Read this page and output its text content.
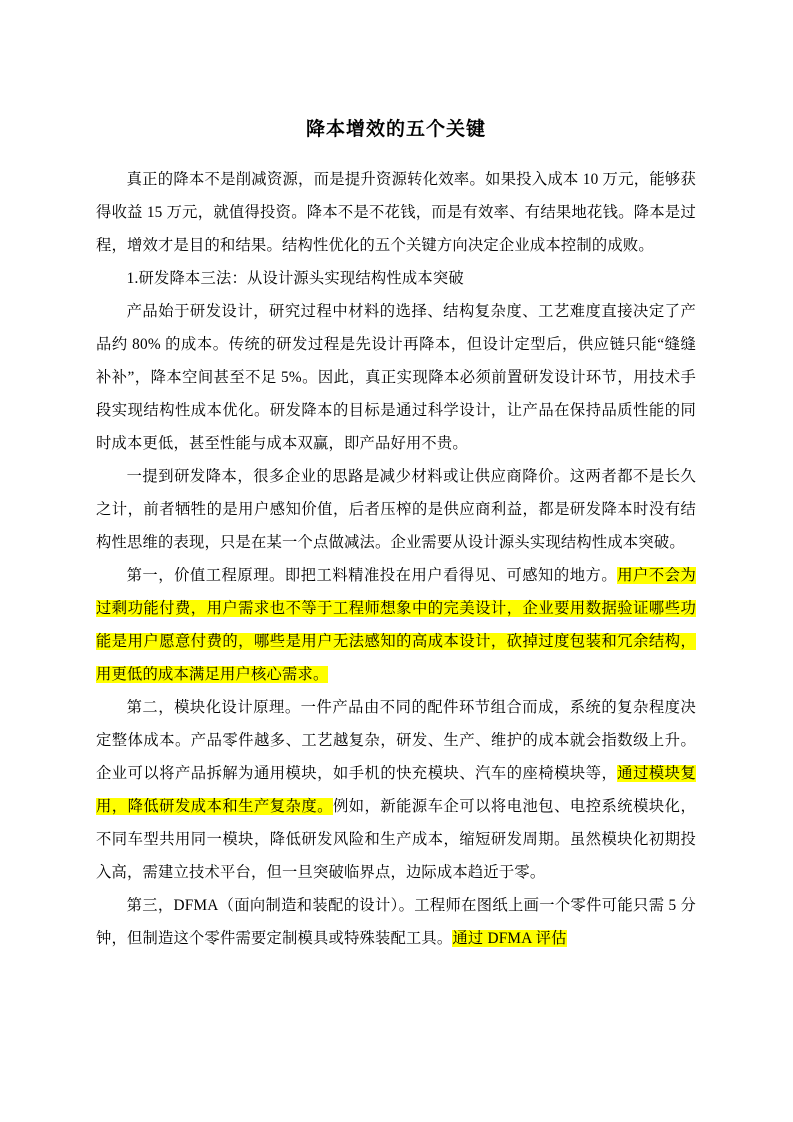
降本增效的五个关键

真正的降本不是削减资源，而是提升资源转化效率。如果投入成本 10 万元，能够获得收益 15 万元，就值得投资。降本不是不花钱，而是有效率、有结果地花钱。降本是过程，增效才是目的和结果。结构性优化的五个关键方向决定企业成本控制的成败。

1.研发降本三法：从设计源头实现结构性成本突破

产品始于研发设计，研究过程中材料的选择、结构复杂度、工艺难度直接决定了产品约 80% 的成本。传统的研发过程是先设计再降本，但设计定型后，供应链只能“缝缝补补”，降本空间甚至不足 5%。因此，真正实现降本必须前置研发设计环节，用技术手段实现结构性成本优化。研发降本的目标是通过科学设计，让产品在保持品质性能的同时成本更低，甚至性能与成本双赢，即产品好用不贵。

一提到研发降本，很多企业的思路是减少材料或让供应商降价。这两者都不是长久之计，前者牺牲的是用户感知价值，后者压榨的是供应商利益，都是研发降本时没有结构性思维的表现，只是在某一个点做减法。企业需要从设计源头实现结构性成本突破。

第一，价值工程原理。即把工料精准投在用户看得见、可感知的地方。用户不会为过剩功能付费，用户需求也不等于工程师想象中的完美设计，企业要用数据验证哪些功能是用户愿意付费的，哪些是用户无法感知的高成本设计，砍掉过度包装和冗余结构，用更低的成本满足用户核心需求。

第二，模块化设计原理。一件产品由不同的配件环节组合而成，系统的复杂程度决定整体成本。产品零件越多、工艺越复杂，研发、生产、维护的成本就会指数级上升。企业可以将产品拆解为通用模块，如手机的快充模块、汽车的座椅模块等，通过模块复用，降低研发成本和生产复杂度。例如，新能源车企可以将电池包、电控系统模块化，不同车型共用同一模块，降低研发风险和生产成本，缩短研发周期。虽然模块化初期投入高，需建立技术平台，但一旦突破临界点，边际成本趋近于零。

第三，DFMA（面向制造和装配的设计）。工程师在图纸上画一个零件可能只需 5 分钟，但制造这个零件需要定制模具或特殊装配工具。通过 DFMA 评估
